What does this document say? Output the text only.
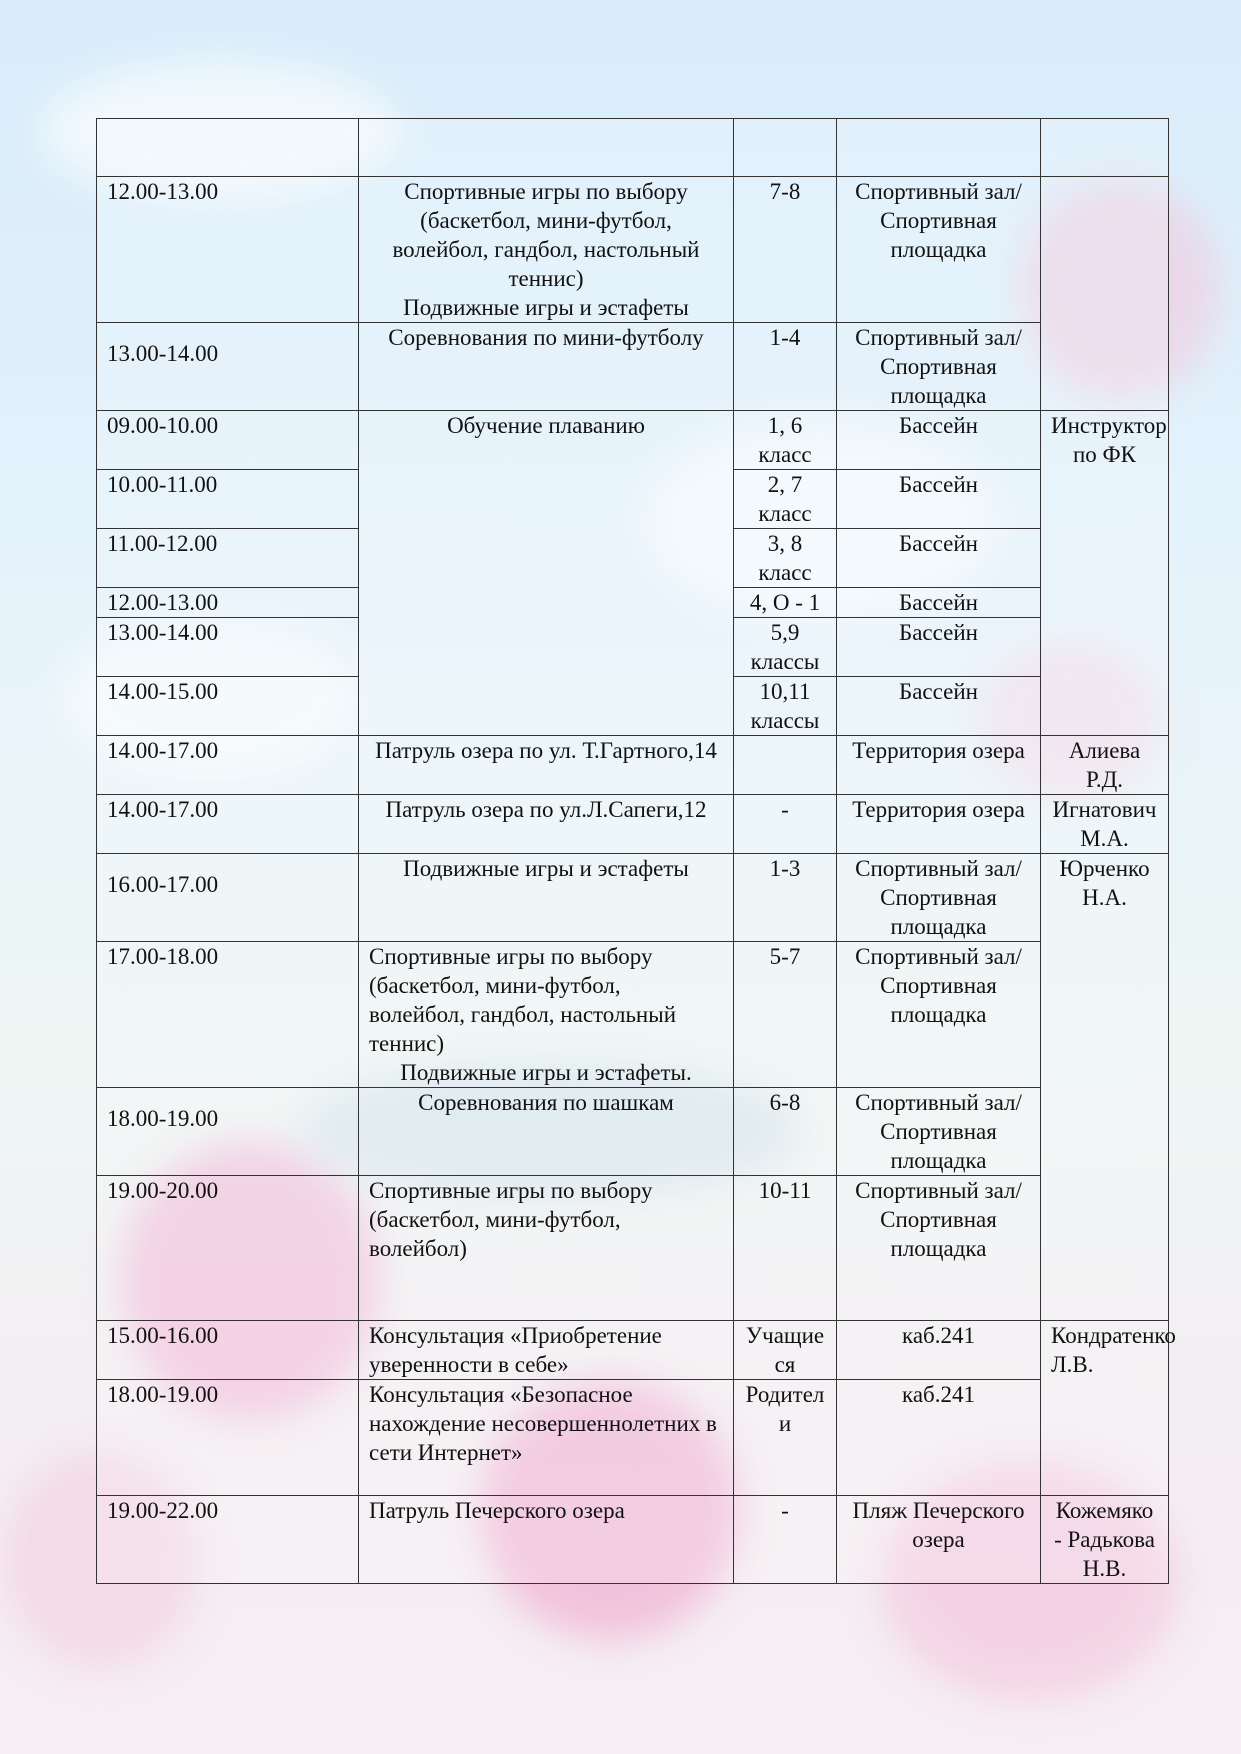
12.00-13.00	Спортивные игры по выбору
(баскетбол, мини-футбол,
волейбол, гандбол, настольный
теннис)
Подвижные игры и эстафеты	7-8	Спортивный зал/Спортивная площадка	
13.00-14.00	Соревнования по мини-футболу	1-4	Спортивный зал/Спортивная площадка	
09.00-10.00	Обучение плаванию	1, 6 класс	Бассейн	Инструктор по ФК
10.00-11.00		2, 7 класс	Бассейн	
11.00-12.00		3, 8 класс	Бассейн	
12.00-13.00		4, О - 1	Бассейн	
13.00-14.00		5,9 классы	Бассейн	
14.00-15.00		10,11 классы	Бассейн	
14.00-17.00	Патруль озера по ул. Т.Гартного,14		Территория озера	Алиева Р.Д.
14.00-17.00	Патруль озера по ул.Л.Сапеги,12	-	Территория озера	Игнатович М.А.
16.00-17.00	Подвижные игры и эстафеты	1-3	Спортивный зал/Спортивная площадка	Юрченко Н.А.
17.00-18.00	Спортивные игры по выбору
(баскетбол, мини-футбол,
волейбол, гандбол, настольный
теннис)
Подвижные игры и эстафеты.	5-7	Спортивный зал/Спортивная площадка	
18.00-19.00	Соревнования по шашкам	6-8	Спортивный зал/Спортивная площадка	
19.00-20.00	Спортивные игры по выбору
(баскетбол, мини-футбол,
волейбол)	10-11	Спортивный зал/Спортивная площадка	
15.00-16.00	Консультация «Приобретение уверенности в себе»	Учащиеся	каб.241	Кондратенко Л.В.
18.00-19.00	Консультация «Безопасное нахождение несовершеннолетних в сети Интернет»	Родители	каб.241	
19.00-22.00	Патруль Печерского озера	-	Пляж Печерского озера	Кожемяко - Радькова Н.В.
